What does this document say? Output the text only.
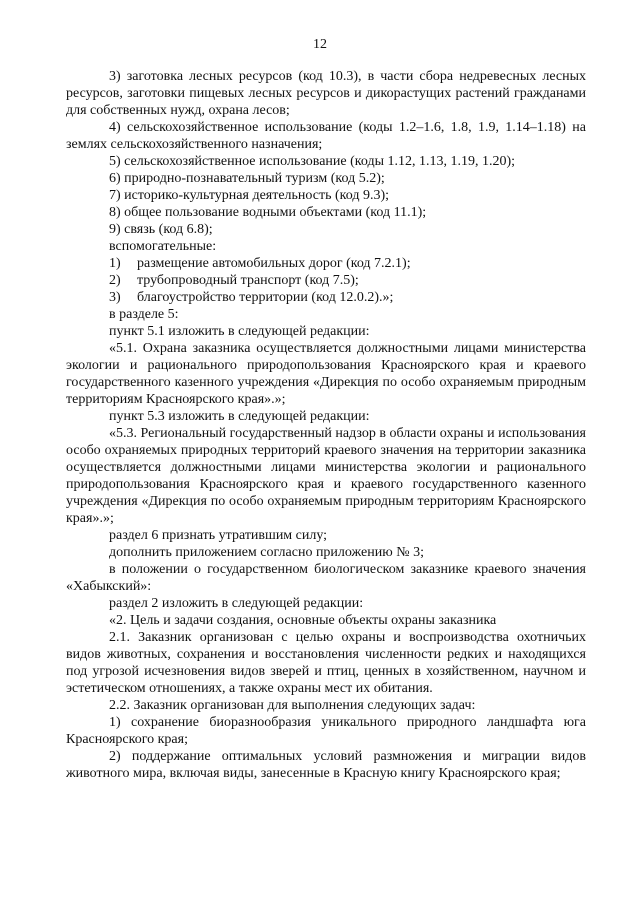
12

3) заготовка лесных ресурсов (код 10.3), в части сбора недревесных лесных ресурсов, заготовки пищевых лесных ресурсов и дикорастущих растений гражданами для собственных нужд, охрана лесов;

4) сельскохозяйственное использование (коды 1.2–1.6, 1.8, 1.9, 1.14–1.18) на землях сельскохозяйственного назначения;

5) сельскохозяйственное использование (коды 1.12, 1.13, 1.19, 1.20);

6) природно-познавательный туризм (код 5.2);

7) историко-культурная деятельность (код 9.3);

8) общее пользование водными объектами (код 11.1);

9) связь (код 6.8);

вспомогательные:

1) размещение автомобильных дорог (код 7.2.1);

2) трубопроводный транспорт (код 7.5);

3) благоустройство территории (код 12.0.2).»;

в разделе 5:

пункт 5.1 изложить в следующей редакции:

«5.1. Охрана заказника осуществляется должностными лицами министерства экологии и рационального природопользования Красноярского края и краевого государственного казенного учреждения «Дирекция по особо охраняемым природным территориям Красноярского края».»;

пункт 5.3 изложить в следующей редакции:

«5.3. Региональный государственный надзор в области охраны и использования особо охраняемых природных территорий краевого значения на территории заказника осуществляется должностными лицами министерства экологии и рационального природопользования Красноярского края и краевого государственного казенного учреждения «Дирекция по особо охраняемым природным территориям Красноярского края».»;

раздел 6 признать утратившим силу;

дополнить приложением согласно приложению № 3;

в положении о государственном биологическом заказнике краевого значения «Хабыкский»:

раздел 2 изложить в следующей редакции:

«2. Цель и задачи создания, основные объекты охраны заказника

2.1. Заказник организован с целью охраны и воспроизводства охотничьих видов животных, сохранения и восстановления численности редких и находящихся под угрозой исчезновения видов зверей и птиц, ценных в хозяйственном, научном и эстетическом отношениях, а также охраны мест их обитания.

2.2. Заказник организован для выполнения следующих задач:

1) сохранение биоразнообразия уникального природного ландшафта юга Красноярского края;

2) поддержание оптимальных условий размножения и миграции видов животного мира, включая виды, занесенные в Красную книгу Красноярского края;
